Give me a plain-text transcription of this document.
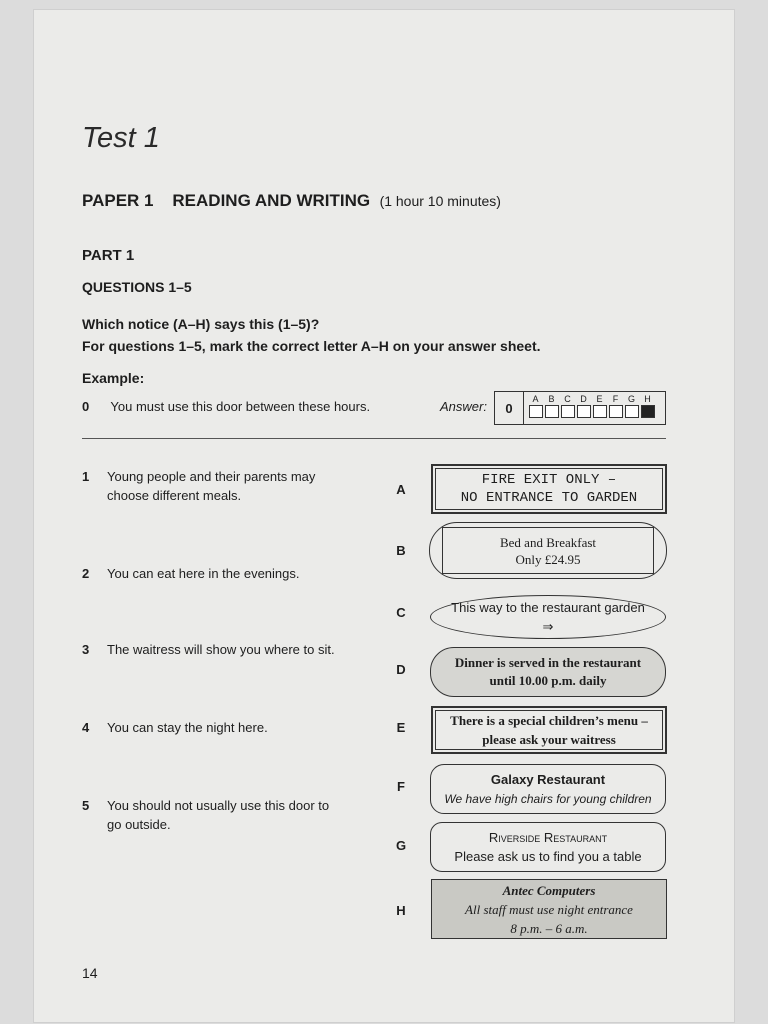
Test 1
PAPER 1 READING AND WRITING (1 hour 10 minutes)
PART 1
QUESTIONS 1–5
Which notice (A–H) says this (1–5)?
For questions 1–5, mark the correct letter A–H on your answer sheet.
Example:
0 You must use this door between these hours.	Answer:	0
A	B	C	D	E	F	G	H
1 Young people and their parents may choose different meals.
2 You can eat here in the evenings.
3 The waitress will show you where to sit.
4 You can stay the night here.
5 You should not usually use this door to go outside.
A
B
C
D
E
F
G
H
FIRE EXIT ONLY –
NO ENTRANCE TO GARDEN
Bed and Breakfast
Only £24.95
This way to the restaurant garden
⇒
Dinner is served in the restaurant
until 10.00 p.m. daily
There is a special children’s menu –
please ask your waitress
Galaxy Restaurant
We have high chairs for young children
Riverside Restaurant
Please ask us to find you a table
Antec Computers
All staff must use night entrance
8 p.m. – 6 a.m.
14
